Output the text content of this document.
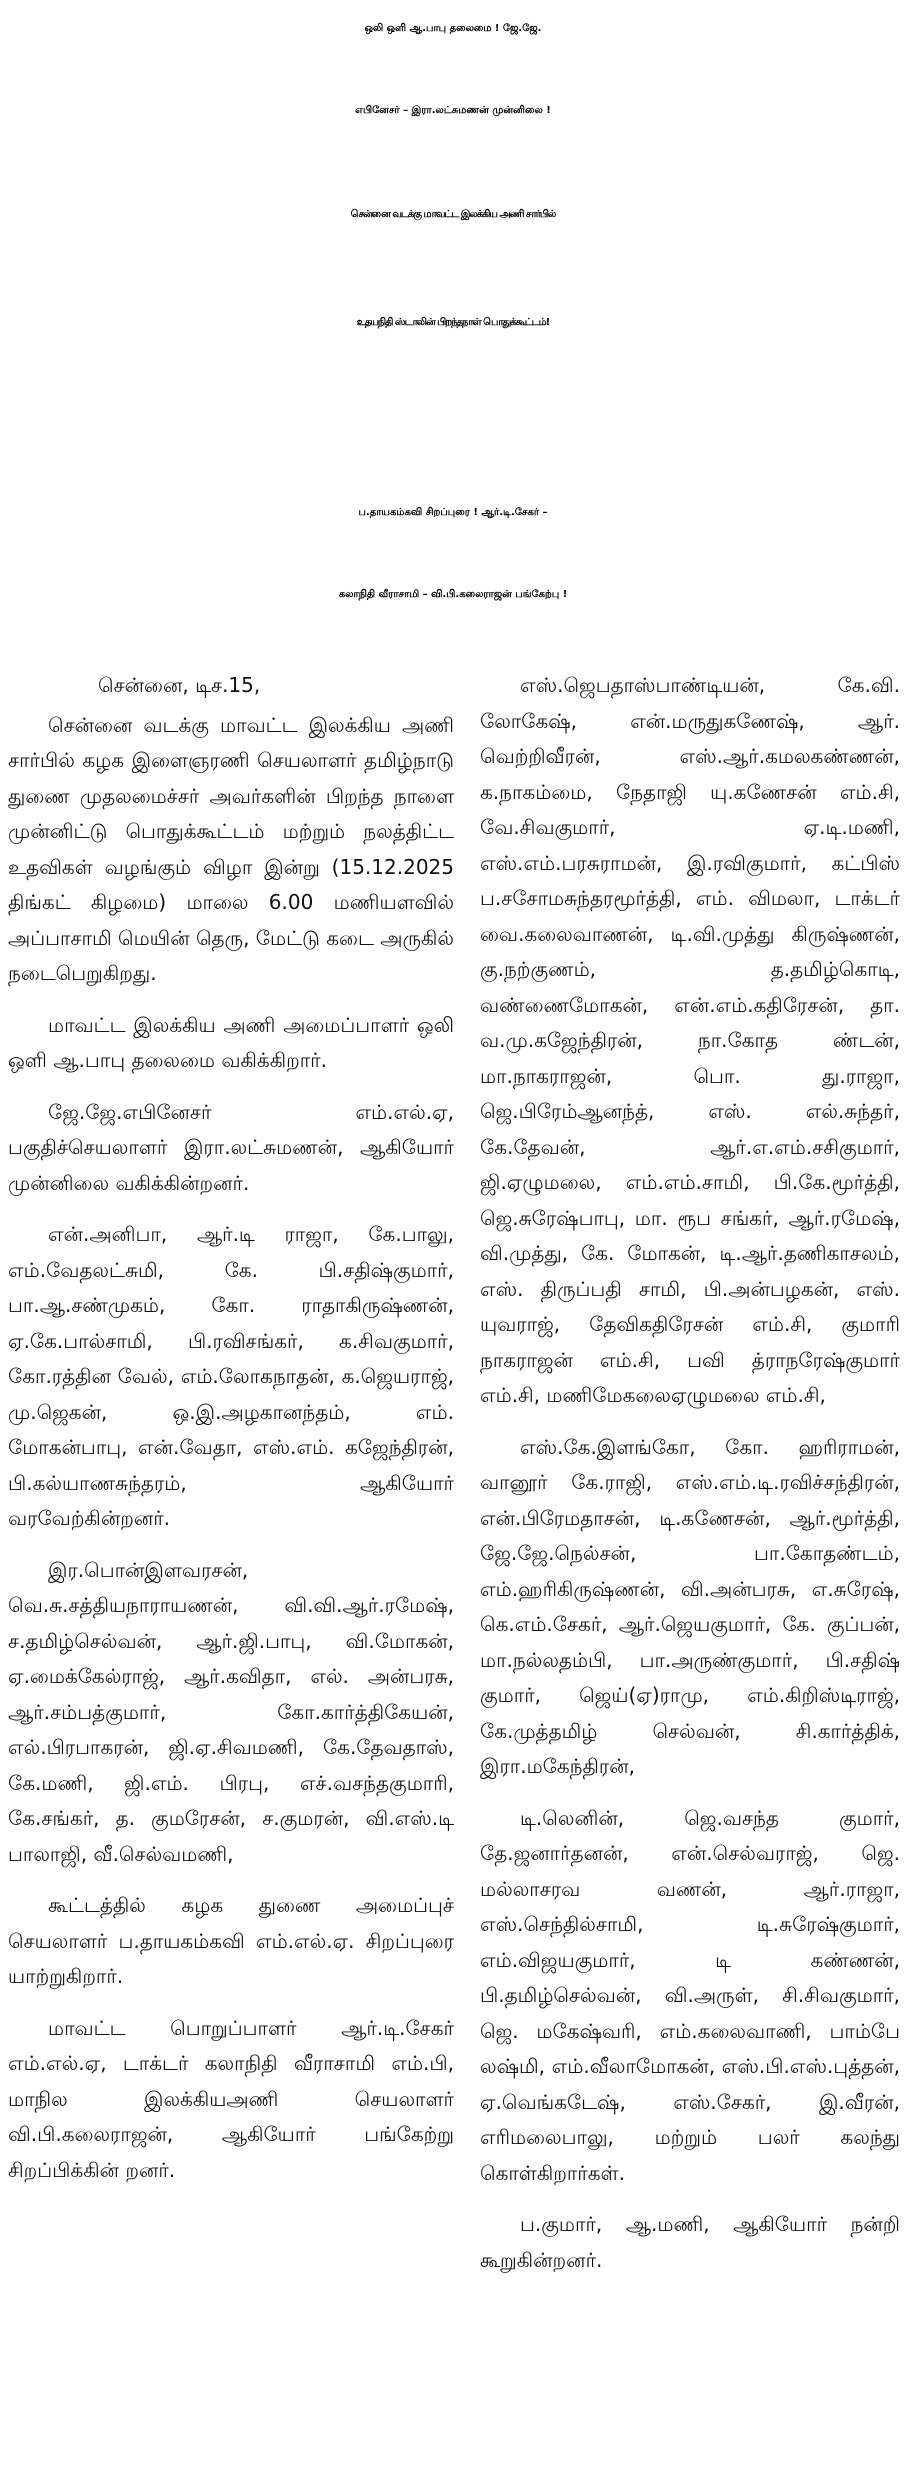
ஒலி ஒளி ஆ.பாபு தலைமை ! ஜே.ஜே.
எபினேசர் – இரா.லட்சுமணன் முன்னிலை !
சென்னை வடக்கு மாவட்ட இலக்கிய அணி சார்பில்
உதயநிதி ஸ்டாலின் பிறந்தநாள் பொதுக்கூட்டம்!
ப.தாயகம்கவி சிறப்புரை ! ஆர்.டி.சேகர் –
கலாநிதி வீராசாமி – வி.பி.கலைராஜன் பங்கேற்பு !
சென்னை, டிச.15,

சென்னை வடக்கு மாவட்ட இலக்கிய அணி சார்பில் கழக இளைஞரணி செயலாளர் தமிழ்நாடு துணை முதலமைச்சர் அவர்களின் பிறந்த நாளை முன்னிட்டு பொதுக்கூட்டம் மற்றும் நலத்திட்ட உதவிகள் வழங்கும் விழா இன்று (15.12.2025 திங்கட் கிழமை) மாலை 6.00 மணியளவில் அப்பாசாமி மெயின் தெரு, மேட்டு கடை அருகில் நடைபெறுகிறது.

மாவட்ட இலக்கிய அணி அமைப்பாளர் ஒலி ஒளி ஆ.பாபு தலைமை வகிக்கிறார்.

ஜே.ஜே.எபினேசர் எம்.எல்.ஏ, பகுதிச்செயலாளர் இரா.லட்சுமணன், ஆகியோர் முன்னிலை வகிக்கின்றனர்.

என்.அனிபா, ஆர்.டி ராஜா, கே.பாலு, எம்.வேதலட்சுமி, கே. பி.சதிஷ்குமார், பா.ஆ.சண்முகம், கோ. ராதாகிருஷ்ணன், ஏ.கே.பால்சாமி, பி.ரவிசங்கர், க.சிவகுமார், கோ.ரத்தின வேல், எம்.லோகநாதன், க.ஜெயராஜ், மு.ஜெகன், ஒ.இ.அழகானந்தம், எம். மோகன்பாபு, என்.வேதா, எஸ்.எம். கஜேந்திரன், பி.கல்யாணசுந்தரம், ஆகியோர் வரவேற்கின்றனர்.

இர.பொன்இளவரசன், வெ.சு.சத்தியநாராயணன், வி.வி.ஆர்.ரமேஷ், ச.தமிழ்செல்வன், ஆர்.ஜி.பாபு, வி.மோகன், ஏ.மைக்கேல்ராஜ், ஆர்.கவிதா, எல். அன்பரசு, ஆர்.சம்பத்குமார், கோ.கார்த்திகேயன், எல்.பிரபாகரன், ஜி.ஏ.சிவமணி, கே.தேவதாஸ், கே.மணி, ஜி.எம். பிரபு, எச்.வசந்தகுமாரி, கே.சங்கர், த. குமரேசன், ச.குமரன், வி.எஸ்.டி பாலாஜி, வீ.செல்வமணி,

கூட்டத்தில் கழக துணை அமைப்புச் செயலாளர் ப.தாயகம்கவி எம்.எல்.ஏ. சிறப்புரை யாற்றுகிறார்.

மாவட்ட பொறுப்பாளர் ஆர்.டி.சேகர் எம்.எல்.ஏ, டாக்டர் கலாநிதி வீராசாமி எம்.பி, மாநில இலக்கியஅணி செயலாளர் வி.பி.கலைராஜன், ஆகியோர் பங்கேற்று சிறப்பிக்கின் றனர்.

எஸ்.ஜெபதாஸ்பாண்டியன், கே.வி. லோகேஷ், என்.மருதுகணேஷ், ஆர். வெற்றிவீரன், எஸ்.ஆர்.கமலகண்ணன், க.நாகம்மை, நேதாஜி யு.கணேசன் எம்.சி, வே.சிவகுமார், ஏ.டி.மணி, எஸ்.எம்.பரசுராமன், இ.ரவிகுமார், கட்பிஸ் ப.சசோமசுந்தரமூர்த்தி, எம். விமலா, டாக்டர் வை.கலைவாணன், டி.வி.முத்து கிருஷ்ணன், கு.நற்குணம், த.தமிழ்கொடி, வண்ணைமோகன், என்.எம்.கதிரேசன், தா. வ.மு.கஜேந்திரன், நா.கோத ண்டன், மா.நாகராஜன், பொ. து.ராஜா, ஜெ.பிரேம்ஆனந்த், எஸ். எல்.சுந்தர், கே.தேவன், ஆர்.எ.எம்.சசிகுமார், ஜி.ஏழுமலை, எம்.எம்.சாமி, பி.கே.மூர்த்தி, ஜெ.சுரேஷ்பாபு, மா. ரூப சங்கர், ஆர்.ரமேஷ், வி.முத்து, கே. மோகன், டி.ஆர்.தணிகாசலம், எஸ். திருப்பதி சாமி, பி.அன்பழகன், எஸ். யுவராஜ், தேவிகதிரேசன் எம்.சி, குமாரி நாகராஜன் எம்.சி, பவி த்ராநரேஷ்குமார் எம்.சி, மணிமேகலைஏழுமலை எம்.சி,

எஸ்.கே.இளங்கோ, கோ. ஹரிராமன், வானூர் கே.ராஜி, எஸ்.எம்.டி.ரவிச்சந்திரன், என்.பிரேமதாசன், டி.கணேசன், ஆர்.மூர்த்தி, ஜே.ஜே.நெல்சன், பா.கோதண்டம், எம்.ஹரிகிருஷ்ணன், வி.அன்பரசு, எ.சுரேஷ், கெ.எம்.சேகர், ஆர்.ஜெயகுமார், கே. குப்பன், மா.நல்லதம்பி, பா.அருண்குமார், பி.சதிஷ் குமார், ஜெய்(ஏ)ராமு, எம்.கிறிஸ்டிராஜ், கே.முத்தமிழ் செல்வன், சி.கார்த்திக், இரா.மகேந்திரன்,

டி.லெனின், ஜெ.வசந்த குமார், தே.ஜனார்தனன், என்.செல்வராஜ், ஜெ. மல்லாசரவ வணன், ஆர்.ராஜா, எஸ்.செந்தில்சாமி, டி.சுரேஷ்குமார், எம்.விஜயகுமார், டி கண்ணன், பி.தமிழ்செல்வன், வி.அருள், சி.சிவகுமார், ஜெ. மகேஷ்வரி, எம்.கலைவாணி, பாம்பே லஷ்மி, எம்.வீலாமோகன், எஸ்.பி.எஸ்.புத்தன், ஏ.வெங்கடேஷ், எஸ்.சேகர், இ.வீரன், எரிமலைபாலு, மற்றும் பலர் கலந்து கொள்கிறார்கள்.

ப.குமார், ஆ.மணி, ஆகியோர் நன்றி கூறுகின்றனர்.
